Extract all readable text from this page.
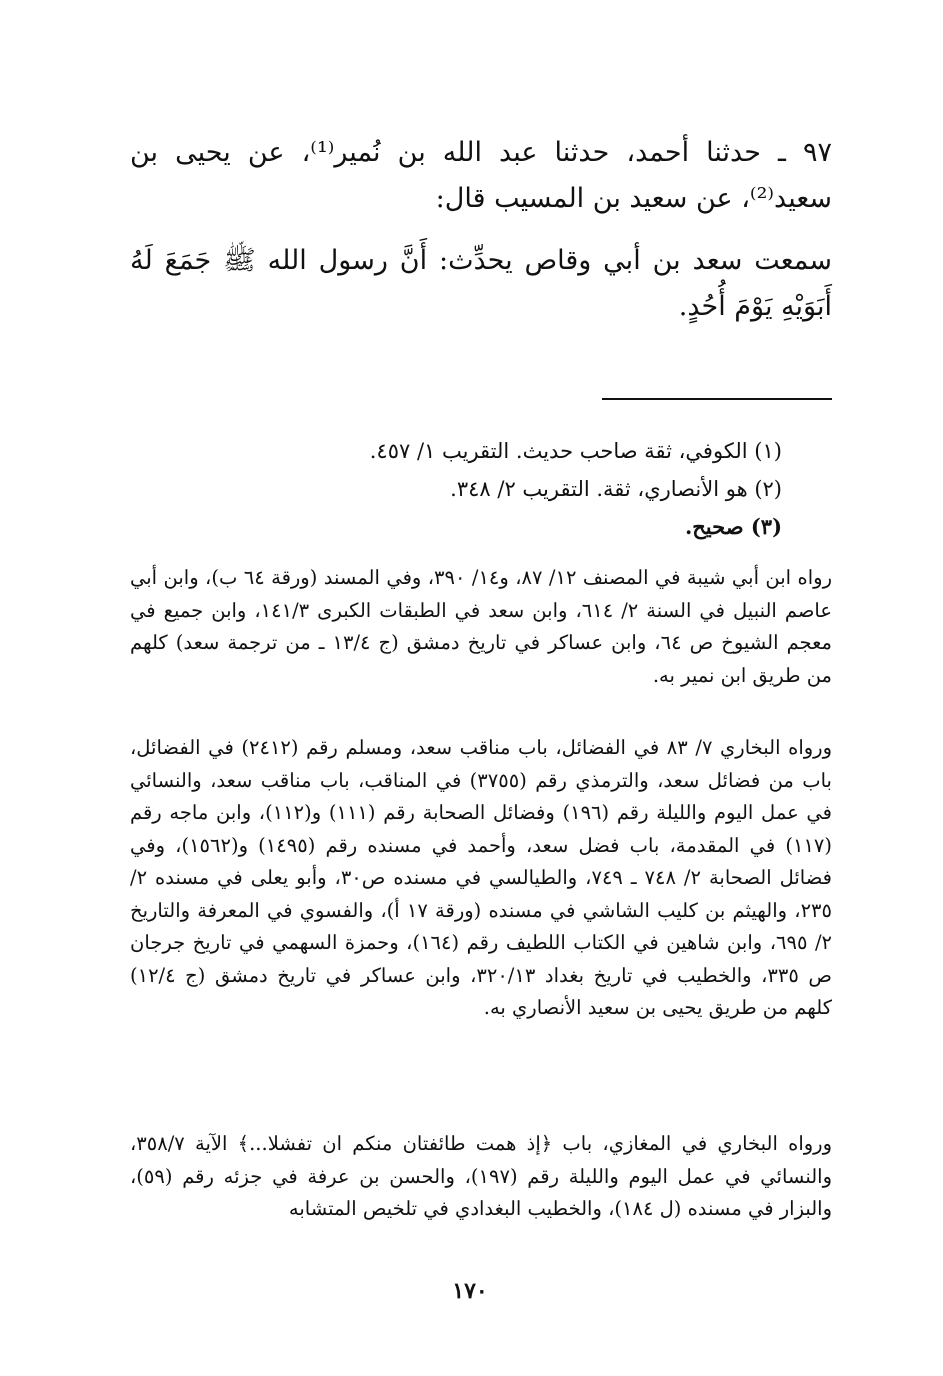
٩٧ ـ حدثنا أحمد، حدثنا عبد الله بن نُمير⁽¹⁾، عن يحيى بن سعيد⁽²⁾، عن سعيد بن المسيب قال:

سمعت سعد بن أبي وقاص يحدِّث: أَنَّ رسول الله ﷺ جَمَعَ لَهُ أَبَوَيْهِ يَوْمَ أُحُدٍ.

(١) الكوفي، ثقة صاحب حديث. التقريب ١/ ٤٥٧.

(٢) هو الأنصاري، ثقة. التقريب ٢/ ٣٤٨.

(٣) صحيح.

رواه ابن أبي شيبة في المصنف ١٢/ ٨٧، و١٤/ ٣٩٠، وفي المسند (ورقة ٦٤ ب)، وابن أبي عاصم النبيل في السنة ٢/ ٦١٤، وابن سعد في الطبقات الكبرى ١٤١/٣، وابن جميع في معجم الشيوخ ص ٦٤، وابن عساكر في تاريخ دمشق (ج ١٣/٤ ـ من ترجمة سعد) كلهم من طريق ابن نمير به.

ورواه البخاري ٧/ ٨٣ في الفضائل، باب مناقب سعد، ومسلم رقم (٢٤١٢) في الفضائل، باب من فضائل سعد، والترمذي رقم (٣٧٥٥) في المناقب، باب مناقب سعد، والنسائي في عمل اليوم والليلة رقم (١٩٦) وفضائل الصحابة رقم (١١١) و(١١٢)، وابن ماجه رقم (١١٧) في المقدمة، باب فضل سعد، وأحمد في مسنده رقم (١٤٩٥) و(١٥٦٢)، وفي فضائل الصحابة ٢/ ٧٤٨ ـ ٧٤٩، والطيالسي في مسنده ص٣٠، وأبو يعلى في مسنده ٢/ ٢٣٥، والهيثم بن كليب الشاشي في مسنده (ورقة ١٧ أ)، والفسوي في المعرفة والتاريخ ٢/ ٦٩٥، وابن شاهين في الكتاب اللطيف رقم (١٦٤)، وحمزة السهمي في تاريخ جرجان ص ٣٣٥، والخطيب في تاريخ بغداد ٣٢٠/١٣، وابن عساكر في تاريخ دمشق (ج ١٢/٤) كلهم من طريق يحيى بن سعيد الأنصاري به.

ورواه البخاري في المغازي، باب ﴿إذ همت طائفتان منكم ان تفشلا...﴾ الآية ٣٥٨/٧، والنسائي في عمل اليوم والليلة رقم (١٩٧)، والحسن بن عرفة في جزئه رقم (٥٩)، والبزار في مسنده (ل ١٨٤)، والخطيب البغدادي في تلخيص المتشابه

١٧٠
